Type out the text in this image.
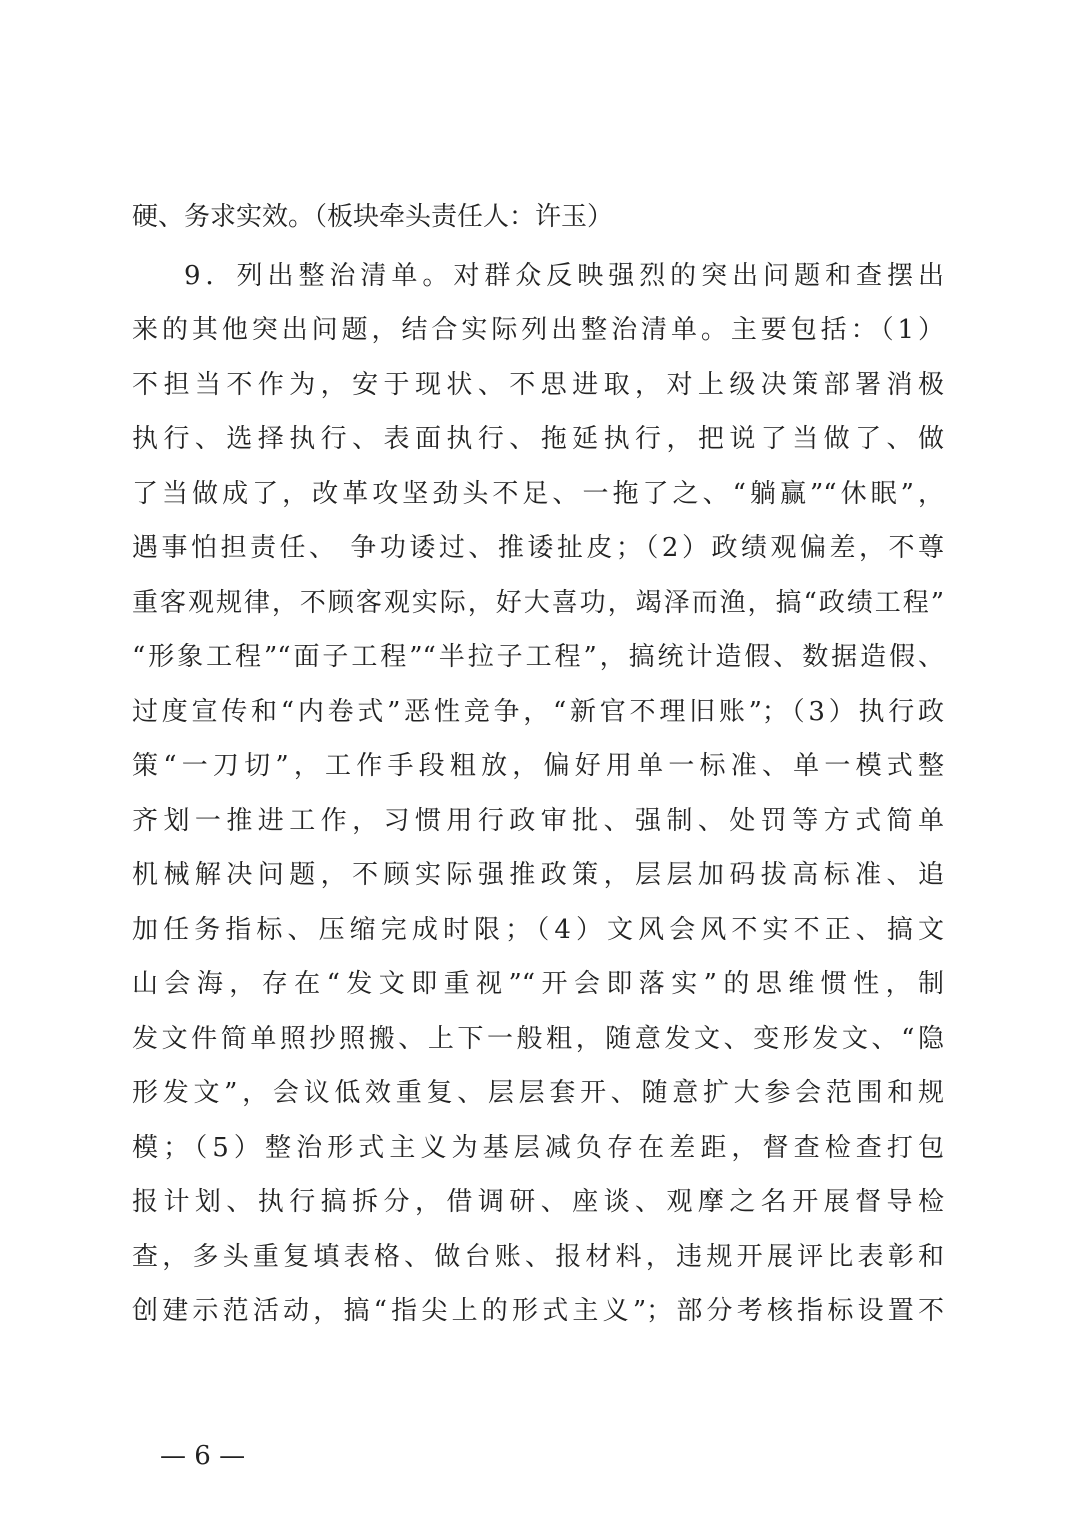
硬、务求实效。（板块牵头责任人：许玉）
9．列出整治清单。对群众反映强烈的突出问题和查摆出
来的其他突出问题，结合实际列出整治清单。主要包括：（1）
不担当不作为，安于现状、不思进取，对上级决策部署消极
执行、选择执行、表面执行、拖延执行，把说了当做了、做
了当做成了，改革攻坚劲头不足、一拖了之、“躺赢”“休眠”，
遇事怕担责任、 争功诿过、推诿扯皮；（2）政绩观偏差，不尊
重客观规律，不顾客观实际，好大喜功，竭泽而渔，搞“政绩工程”
“形象工程”“面子工程”“半拉子工程”，搞统计造假、数据造假、
过度宣传和“内卷式”恶性竞争，“新官不理旧账”；（3）执行政
策“一刀切”，工作手段粗放，偏好用单一标准、单一模式整
齐划一推进工作，习惯用行政审批、强制、处罚等方式简单
机械解决问题，不顾实际强推政策，层层加码拔高标准、追
加任务指标、压缩完成时限；（4）文风会风不实不正、搞文
山会海，存在“发文即重视”“开会即落实”的思维惯性，制
发文件简单照抄照搬、上下一般粗，随意发文、变形发文、“隐
形发文”，会议低效重复、层层套开、随意扩大参会范围和规
模；（5）整治形式主义为基层减负存在差距，督查检查打包
报计划、执行搞拆分，借调研、座谈、观摩之名开展督导检
查，多头重复填表格、做台账、报材料，违规开展评比表彰和
创建示范活动，搞“指尖上的形式主义”；部分考核指标设置不
— 6 —
